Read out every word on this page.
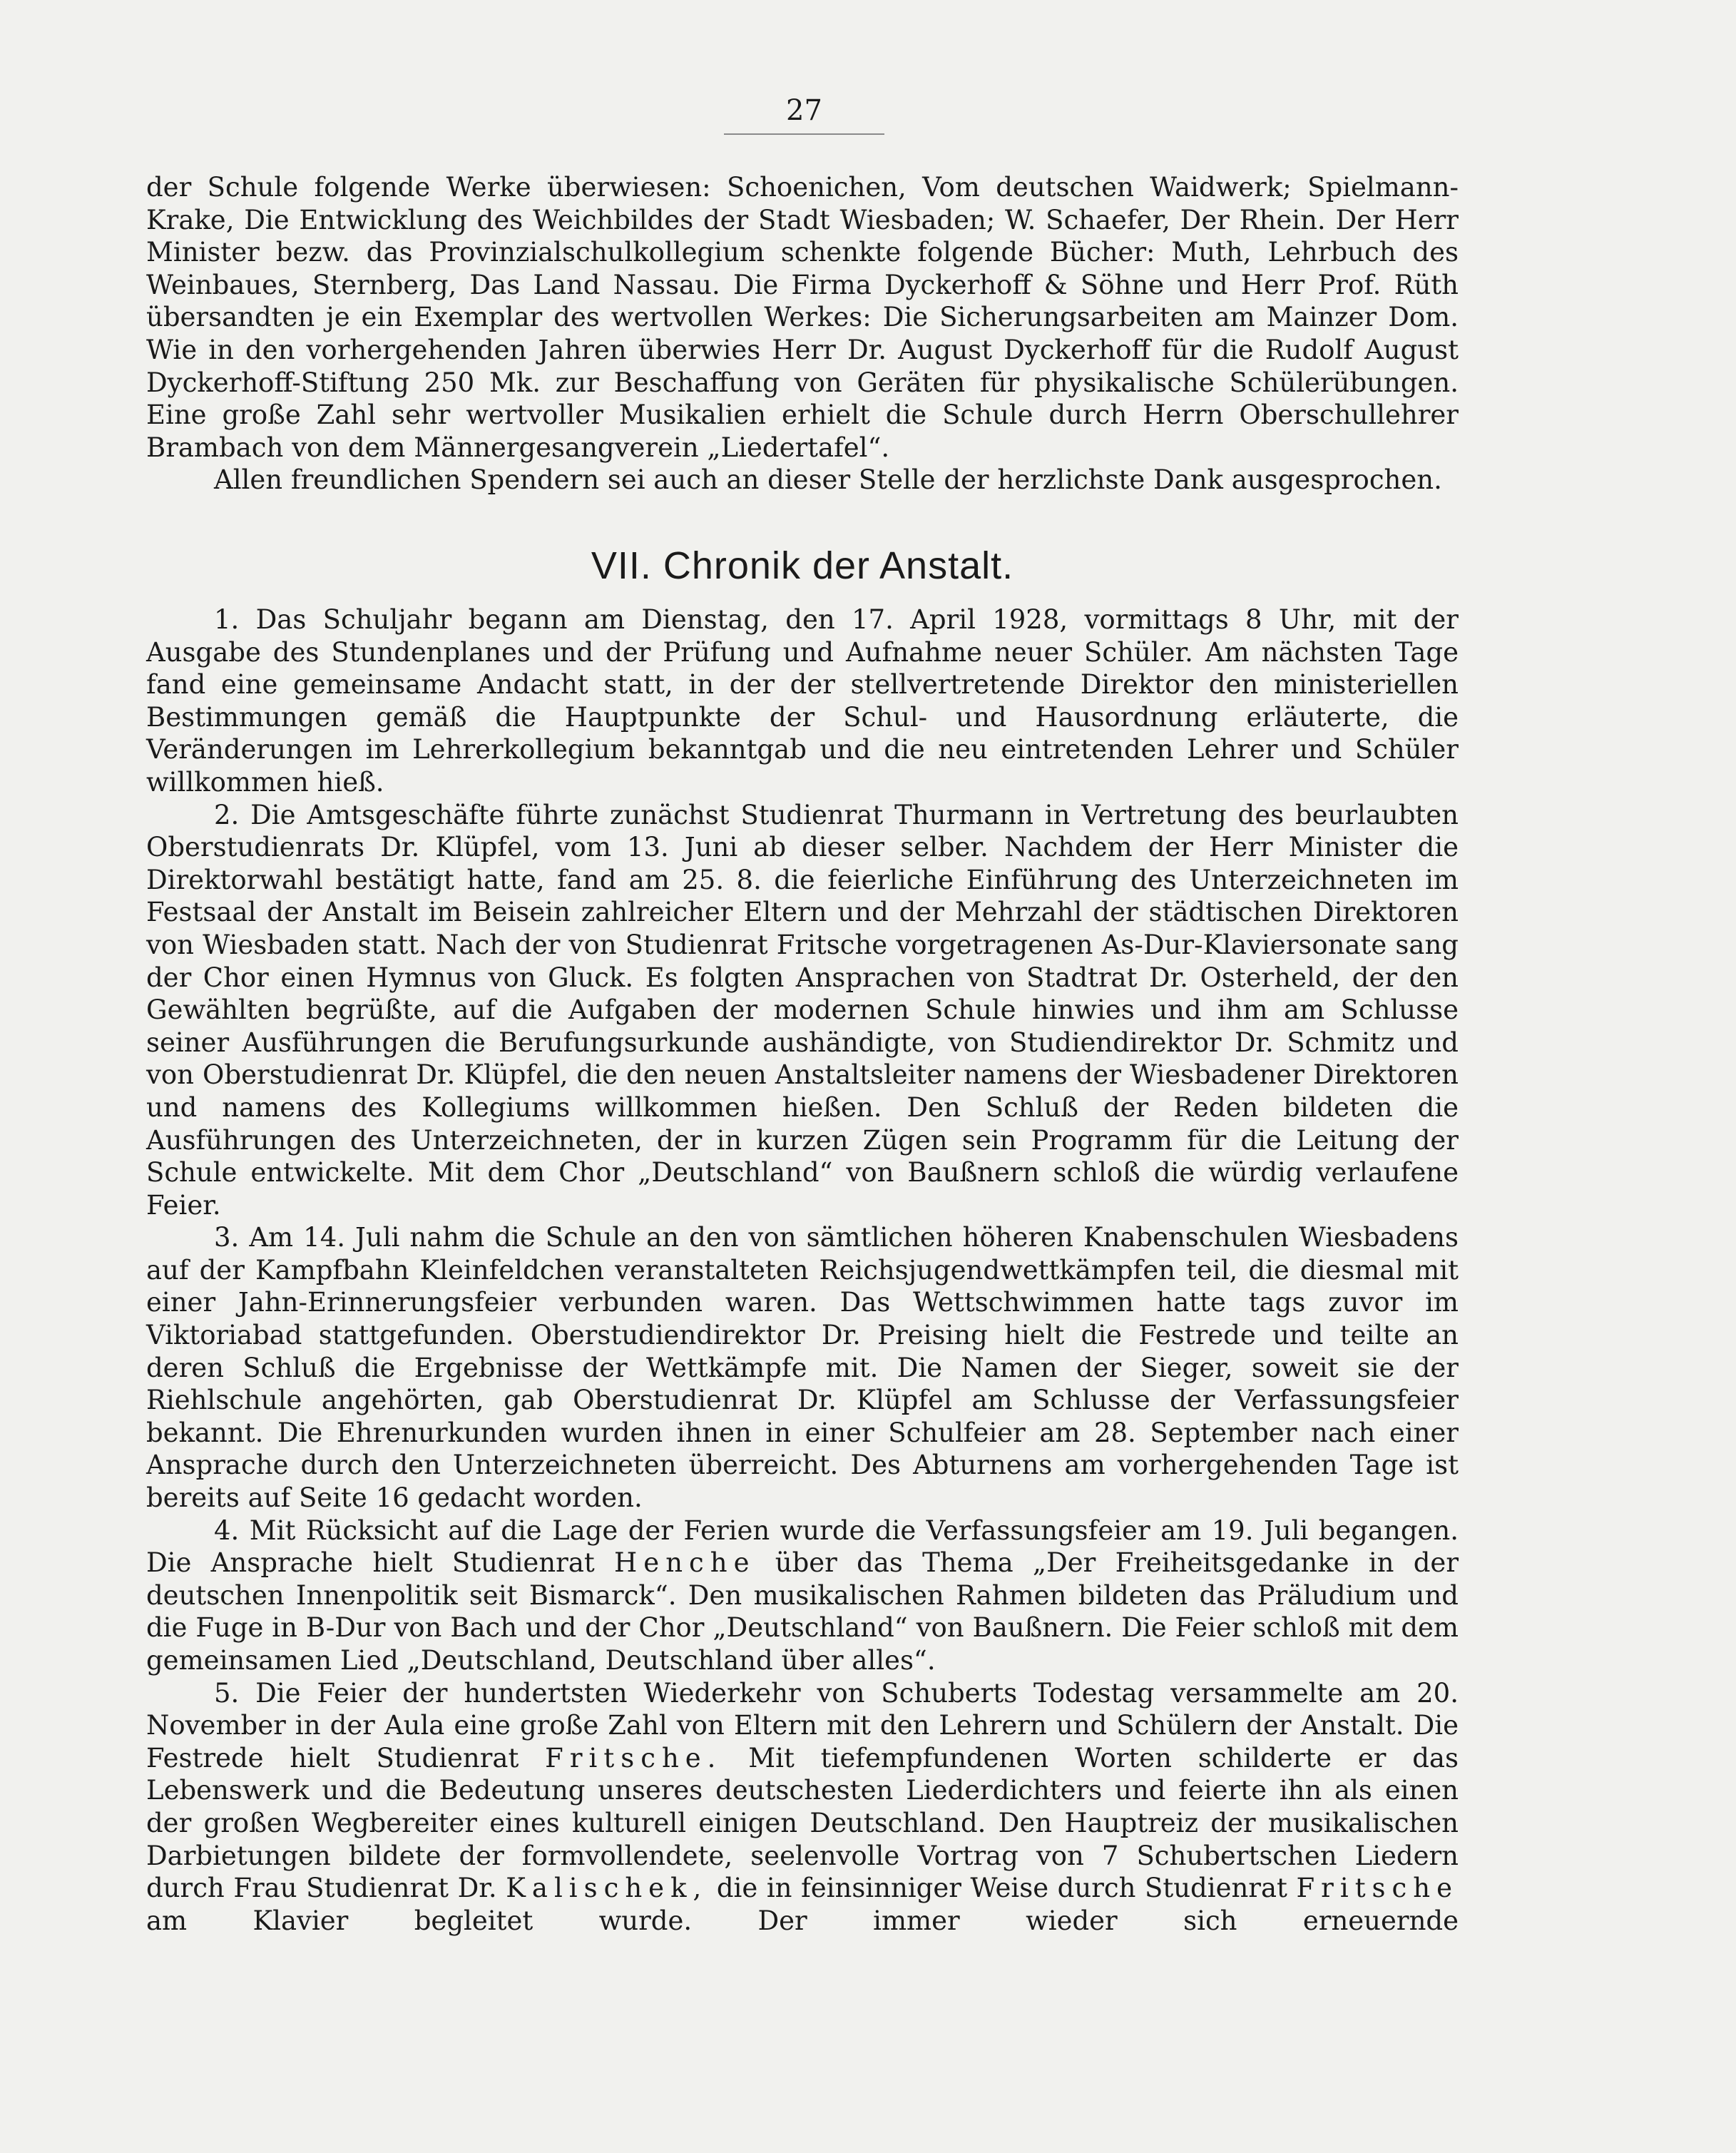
27

der Schule folgende Werke überwiesen: Schoenichen, Vom deutschen Waidwerk; Spielmann-Krake, Die Entwicklung des Weichbildes der Stadt Wiesbaden; W. Schaefer, Der Rhein. Der Herr Minister bezw. das Provinzialschulkollegium schenkte folgende Bücher: Muth, Lehrbuch des Weinbaues, Sternberg, Das Land Nassau. Die Firma Dyckerhoff & Söhne und Herr Prof. Rüth übersandten je ein Exemplar des wertvollen Werkes: Die Sicherungsarbeiten am Mainzer Dom. Wie in den vorhergehenden Jahren überwies Herr Dr. August Dyckerhoff für die Rudolf August Dyckerhoff-Stiftung 250 Mk. zur Beschaffung von Geräten für physikalische Schülerübungen. Eine große Zahl sehr wertvoller Musikalien erhielt die Schule durch Herrn Oberschullehrer Brambach von dem Männergesangverein „Liedertafel“.

Allen freundlichen Spendern sei auch an dieser Stelle der herzlichste Dank ausgesprochen.

VII. Chronik der Anstalt.

1. Das Schuljahr begann am Dienstag, den 17. April 1928, vormittags 8 Uhr, mit der Ausgabe des Stundenplanes und der Prüfung und Aufnahme neuer Schüler. Am nächsten Tage fand eine gemeinsame Andacht statt, in der der stellvertretende Direktor den ministeriellen Bestimmungen gemäß die Hauptpunkte der Schul- und Hausordnung erläuterte, die Veränderungen im Lehrerkollegium bekanntgab und die neu eintretenden Lehrer und Schüler willkommen hieß.

2. Die Amtsgeschäfte führte zunächst Studienrat Thurmann in Vertretung des beurlaubten Oberstudienrats Dr. Klüpfel, vom 13. Juni ab dieser selber. Nachdem der Herr Minister die Direktorwahl bestätigt hatte, fand am 25. 8. die feierliche Einführung des Unterzeichneten im Festsaal der Anstalt im Beisein zahlreicher Eltern und der Mehrzahl der städtischen Direktoren von Wiesbaden statt. Nach der von Studienrat Fritsche vorgetragenen As-Dur-Klaviersonate sang der Chor einen Hymnus von Gluck. Es folgten Ansprachen von Stadtrat Dr. Osterheld, der den Gewählten begrüßte, auf die Aufgaben der modernen Schule hinwies und ihm am Schlusse seiner Ausführungen die Berufungsurkunde aushändigte, von Studiendirektor Dr. Schmitz und von Oberstudienrat Dr. Klüpfel, die den neuen Anstaltsleiter namens der Wiesbadener Direktoren und namens des Kollegiums willkommen hießen. Den Schluß der Reden bildeten die Ausführungen des Unterzeichneten, der in kurzen Zügen sein Programm für die Leitung der Schule entwickelte. Mit dem Chor „Deutschland“ von Baußnern schloß die würdig verlaufene Feier.

3. Am 14. Juli nahm die Schule an den von sämtlichen höheren Knabenschulen Wiesbadens auf der Kampfbahn Kleinfeldchen veranstalteten Reichsjugendwettkämpfen teil, die diesmal mit einer Jahn-Erinnerungsfeier verbunden waren. Das Wettschwimmen hatte tags zuvor im Viktoriabad stattgefunden. Oberstudiendirektor Dr. Preising hielt die Festrede und teilte an deren Schluß die Ergebnisse der Wettkämpfe mit. Die Namen der Sieger, soweit sie der Riehlschule angehörten, gab Oberstudienrat Dr. Klüpfel am Schlusse der Verfassungsfeier bekannt. Die Ehrenurkunden wurden ihnen in einer Schulfeier am 28. September nach einer Ansprache durch den Unterzeichneten überreicht. Des Abturnens am vorhergehenden Tage ist bereits auf Seite 16 gedacht worden.

4. Mit Rücksicht auf die Lage der Ferien wurde die Verfassungsfeier am 19. Juli begangen. Die Ansprache hielt Studienrat Henche über das Thema „Der Freiheitsgedanke in der deutschen Innenpolitik seit Bismarck“. Den musikalischen Rahmen bildeten das Präludium und die Fuge in B-Dur von Bach und der Chor „Deutschland“ von Baußnern. Die Feier schloß mit dem gemeinsamen Lied „Deutschland, Deutschland über alles“.

5. Die Feier der hundertsten Wiederkehr von Schuberts Todestag versammelte am 20. November in der Aula eine große Zahl von Eltern mit den Lehrern und Schülern der Anstalt. Die Festrede hielt Studienrat Fritsche. Mit tiefempfundenen Worten schilderte er das Lebenswerk und die Bedeutung unseres deutschesten Liederdichters und feierte ihn als einen der großen Wegbereiter eines kulturell einigen Deutschland. Den Hauptreiz der musikalischen Darbietungen bildete der formvollendete, seelenvolle Vortrag von 7 Schubertschen Liedern durch Frau Studienrat Dr. Kalischek, die in feinsinniger Weise durch Studienrat Fritsche am Klavier begleitet wurde. Der immer wieder sich erneuernde
